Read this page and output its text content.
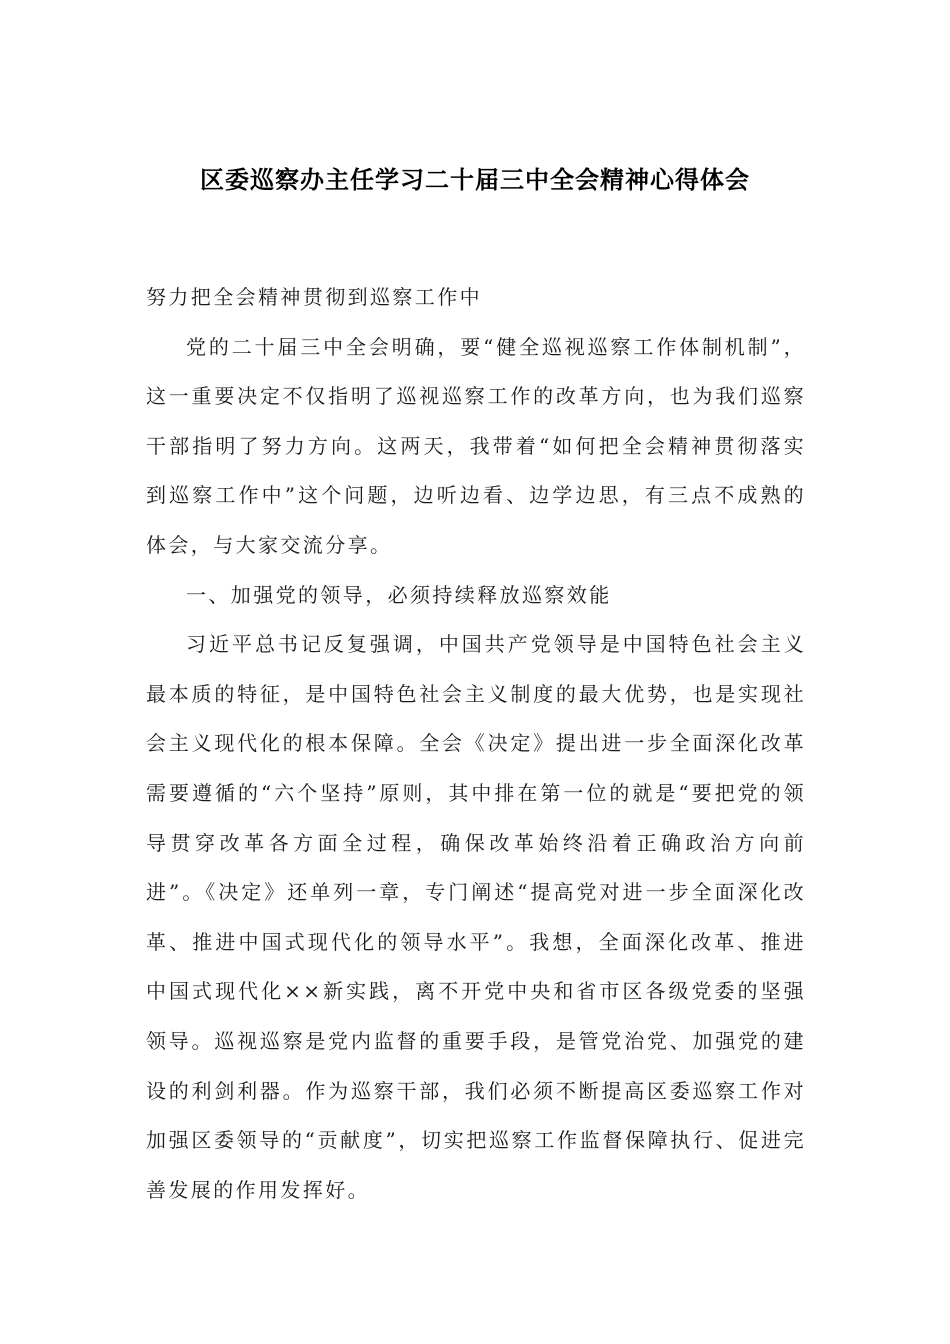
区委巡察办主任学习二十届三中全会精神心得体会

努力把全会精神贯彻到巡察工作中

党的二十届三中全会明确，要“健全巡视巡察工作体制机制”，这一重要决定不仅指明了巡视巡察工作的改革方向，也为我们巡察干部指明了努力方向。这两天，我带着“如何把全会精神贯彻落实到巡察工作中”这个问题，边听边看、边学边思，有三点不成熟的体会，与大家交流分享。

一、加强党的领导，必须持续释放巡察效能

习近平总书记反复强调，中国共产党领导是中国特色社会主义最本质的特征，是中国特色社会主义制度的最大优势，也是实现社会主义现代化的根本保障。全会《决定》提出进一步全面深化改革需要遵循的“六个坚持”原则，其中排在第一位的就是“要把党的领导贯穿改革各方面全过程，确保改革始终沿着正确政治方向前进”。《决定》还单列一章，专门阐述“提高党对进一步全面深化改革、推进中国式现代化的领导水平”。我想，全面深化改革、推进中国式现代化××新实践，离不开党中央和省市区各级党委的坚强领导。巡视巡察是党内监督的重要手段，是管党治党、加强党的建设的利剑利器。作为巡察干部，我们必须不断提高区委巡察工作对加强区委领导的“贡献度”，切实把巡察工作监督保障执行、促进完善发展的作用发挥好。
